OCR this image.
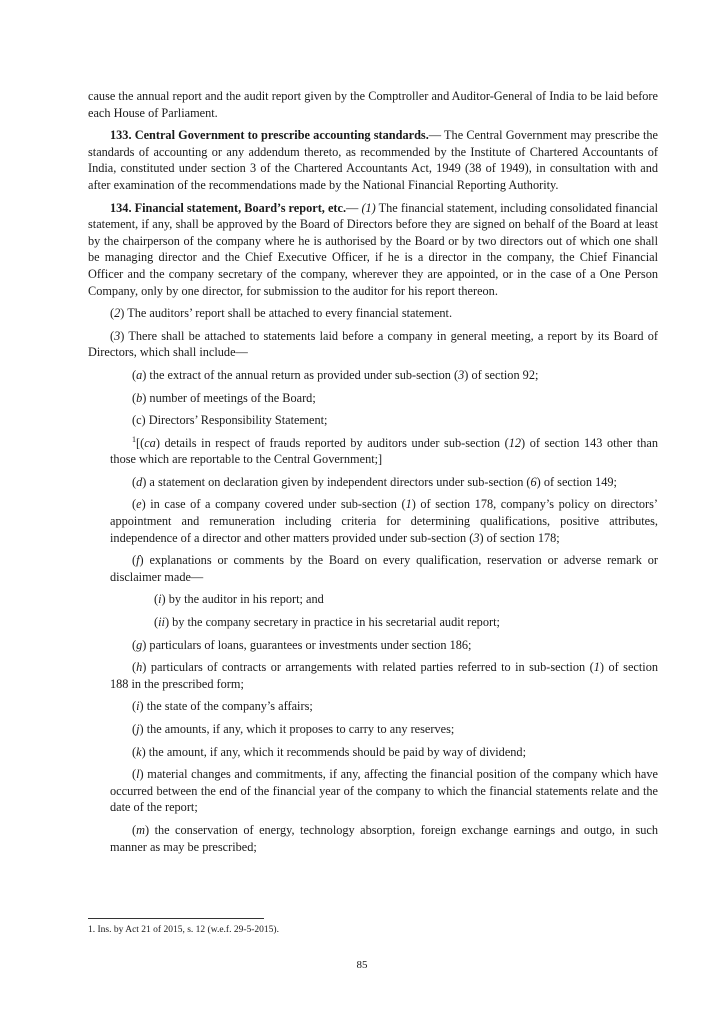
cause the annual report and the audit report given by the Comptroller and Auditor-General of India to be laid before each House of Parliament.

133. Central Government to prescribe accounting standards.— The Central Government may prescribe the standards of accounting or any addendum thereto, as recommended by the Institute of Chartered Accountants of India, constituted under section 3 of the Chartered Accountants Act, 1949 (38 of 1949), in consultation with and after examination of the recommendations made by the National Financial Reporting Authority.

134. Financial statement, Board’s report, etc.— (1) The financial statement, including consolidated financial statement, if any, shall be approved by the Board of Directors before they are signed on behalf of the Board at least by the chairperson of the company where he is authorised by the Board or by two directors out of which one shall be managing director and the Chief Executive Officer, if he is a director in the company, the Chief Financial Officer and the company secretary of the company, wherever they are appointed, or in the case of a One Person Company, only by one director, for submission to the auditor for his report thereon.

(2) The auditors’ report shall be attached to every financial statement.

(3) There shall be attached to statements laid before a company in general meeting, a report by its Board of Directors, which shall include—

(a) the extract of the annual return as provided under sub-section (3) of section 92;

(b) number of meetings of the Board;

(c) Directors’ Responsibility Statement;

$^1$[(ca) details in respect of frauds reported by auditors under sub-section (12) of section 143 other than those which are reportable to the Central Government;]

(d) a statement on declaration given by independent directors under sub-section (6) of section 149;

(e) in case of a company covered under sub-section (1) of section 178, company’s policy on directors’ appointment and remuneration including criteria for determining qualifications, positive attributes, independence of a director and other matters provided under sub-section (3) of section 178;

(f) explanations or comments by the Board on every qualification, reservation or adverse remark or disclaimer made—

(i) by the auditor in his report; and

(ii) by the company secretary in practice in his secretarial audit report;

(g) particulars of loans, guarantees or investments under section 186;

(h) particulars of contracts or arrangements with related parties referred to in sub-section (1) of section 188 in the prescribed form;

(i) the state of the company’s affairs;

(j) the amounts, if any, which it proposes to carry to any reserves;

(k) the amount, if any, which it recommends should be paid by way of dividend;

(l) material changes and commitments, if any, affecting the financial position of the company which have occurred between the end of the financial year of the company to which the financial statements relate and the date of the report;

(m) the conservation of energy, technology absorption, foreign exchange earnings and outgo, in such manner as may be prescribed;

1. Ins. by Act 21 of 2015, s. 12 (w.e.f. 29-5-2015).
85
